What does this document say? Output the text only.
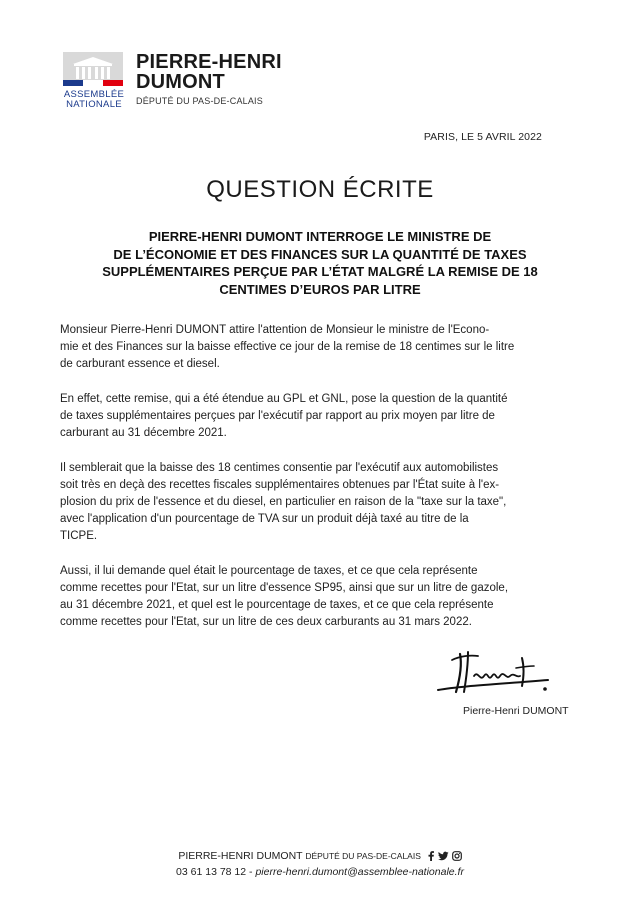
ASSEMBLÉE
NATIONALE
PIERRE-HENRI
DUMONT
DÉPUTÉ DU PAS-DE-CALAIS
PARIS, LE 5 AVRIL 2022
QUESTION ÉCRITE
PIERRE-HENRI DUMONT INTERROGE LE MINISTRE DE
DE L’ÉCONOMIE ET DES FINANCES SUR LA QUANTITÉ DE TAXES
SUPPLÉMENTAIRES PERÇUE PAR L’ÉTAT MALGRÉ LA REMISE DE 18
CENTIMES D’EUROS PAR LITRE
Monsieur Pierre-Henri DUMONT attire l'attention de Monsieur le ministre de l'Econo-
mie et des Finances sur la baisse effective ce jour de la remise de 18 centimes sur le litre
de carburant essence et diesel.
En effet, cette remise, qui a été étendue au GPL et GNL, pose la question de la quantité
de taxes supplémentaires perçues par l'exécutif par rapport au prix moyen par litre de
carburant au 31 décembre 2021.
Il semblerait que la baisse des 18 centimes consentie par l'exécutif aux automobilistes
soit très en deçà des recettes fiscales supplémentaires obtenues par l'État suite à l'ex-
plosion du prix de l'essence et du diesel, en particulier en raison de la "taxe sur la taxe",
avec l'application d'un pourcentage de TVA sur un produit déjà taxé au titre de la
TICPE.
Aussi, il lui demande quel était le pourcentage de taxes, et ce que cela représente
comme recettes pour l'Etat, sur un litre d'essence SP95, ainsi que sur un litre de gazole,
au 31 décembre 2021, et quel est le pourcentage de taxes, et ce que cela représente
comme recettes pour l'Etat, sur un litre de ces deux carburants au 31 mars 2022.
Pierre-Henri DUMONT
PIERRE-HENRI DUMONT DÉPUTÉ DU PAS-DE-CALAIS
03 61 13 78 12 - pierre-henri.dumont@assemblee-nationale.fr
